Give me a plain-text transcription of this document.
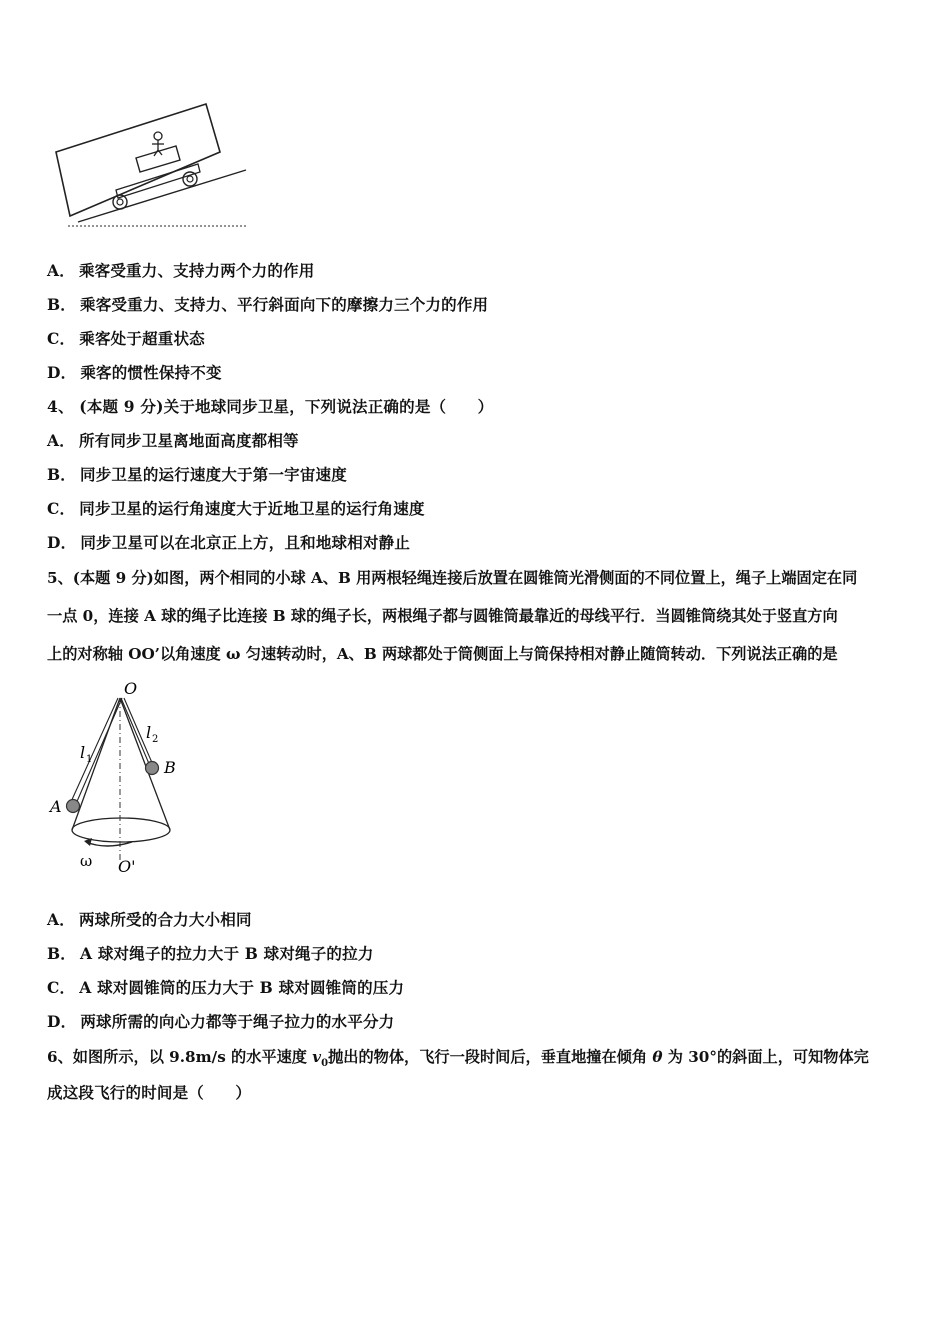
A． 乘客受重力、支持力两个力的作用
B． 乘客受重力、支持力、平行斜面向下的摩擦力三个力的作用
C． 乘客处于超重状态
D． 乘客的惯性保持不变
4、 (本题 9 分)关于地球同步卫星，下列说法正确的是（　　）
A． 所有同步卫星离地面高度都相等
B． 同步卫星的运行速度大于第一宇宙速度
C． 同步卫星的运行角速度大于近地卫星的运行角速度
D． 同步卫星可以在北京正上方，且和地球相对静止
5、(本题 9 分)如图，两个相同的小球 A、B 用两根轻绳连接后放置在圆锥筒光滑侧面的不同位置上，绳子上端固定在同
一点 0，连接 A 球的绳子比连接 B 球的绳子长，两根绳子都与圆锥筒最靠近的母线平行．当圆锥筒绕其处于竖直方向
上的对称轴 OO’以角速度 ω 匀速转动时，A、B 两球都处于筒侧面上与筒保持相对静止随筒转动．下列说法正确的是
O
l 1
l 2
B
A
ω O'
A． 两球所受的合力大小相同
B． A 球对绳子的拉力大于 B 球对绳子的拉力
C． A 球对圆锥筒的压力大于 B 球对圆锥筒的压力
D． 两球所需的向心力都等于绳子拉力的水平分力
6、如图所示，以 9.8m/s 的水平速度 $v_0$抛出的物体，飞行一段时间后，垂直地撞在倾角 θ 为 30°的斜面上，可知物体完
成这段飞行的时间是（　　）
